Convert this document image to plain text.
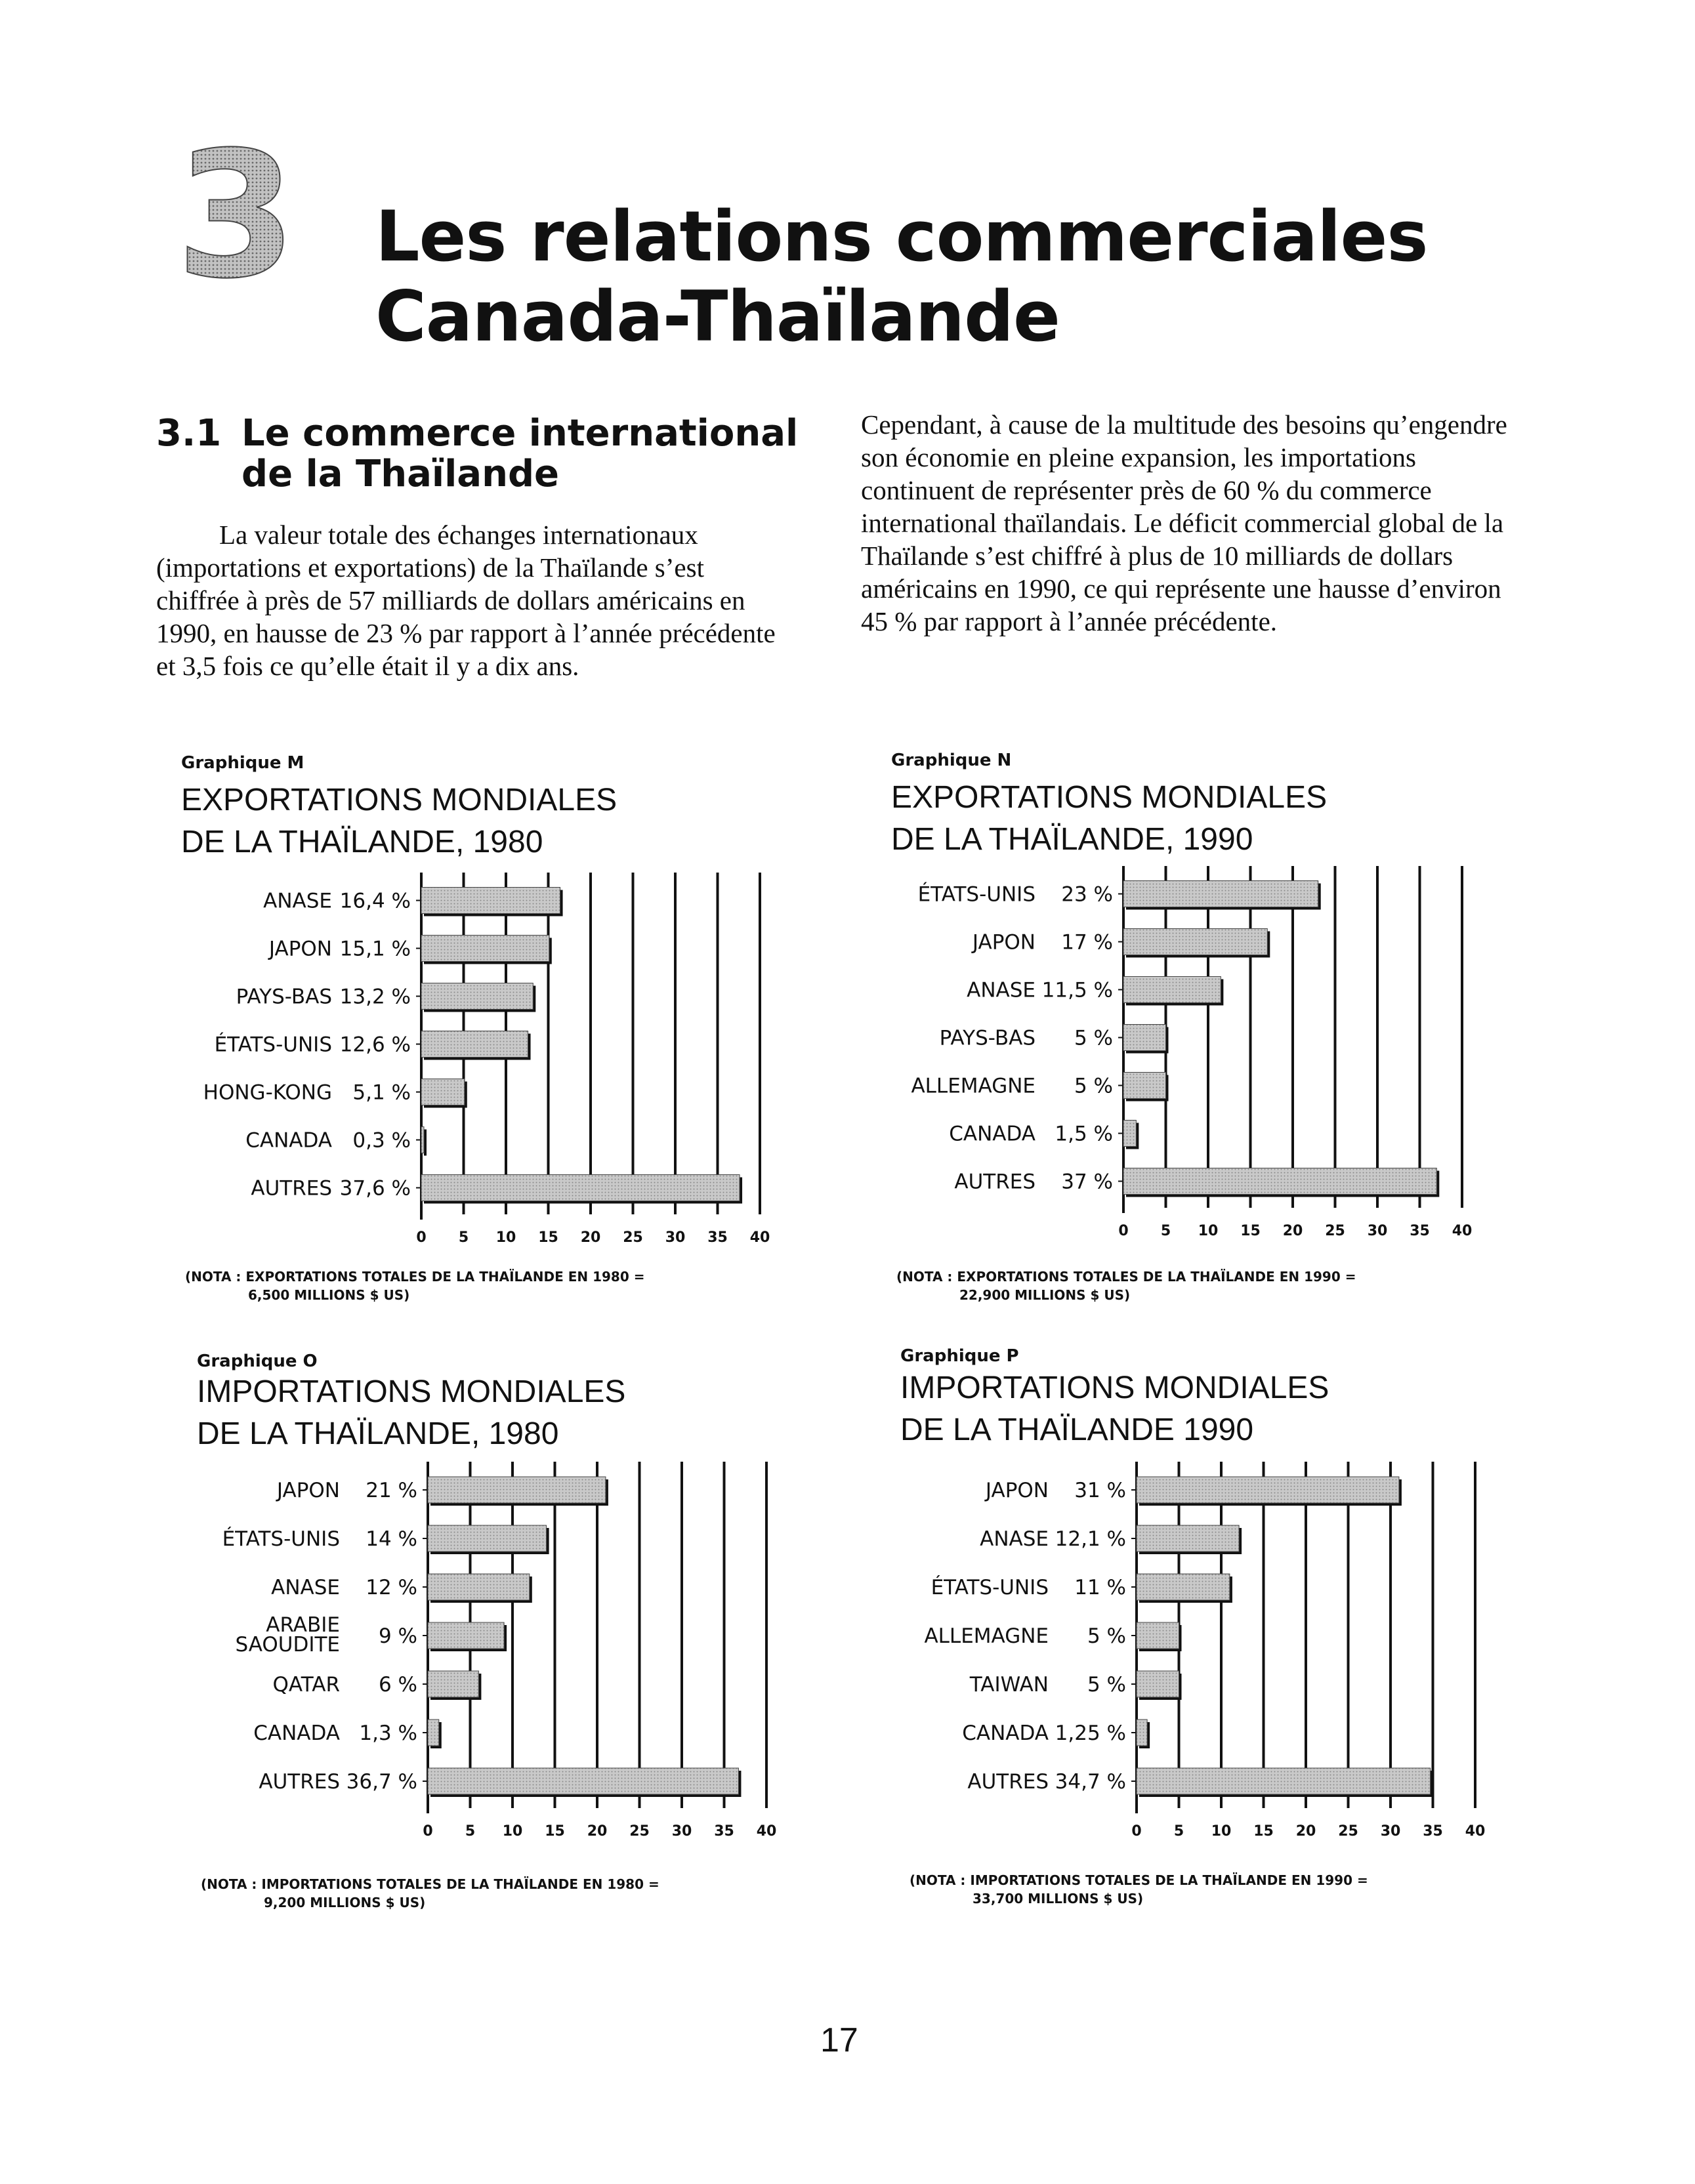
3 Les relations commerciales
Canada-Thaïlande
3.1 Le commerce international
de la Thaïlande
La valeur totale des échanges internationaux (importations et exportations) de la Thaïlande s’est chiffrée à près de 57 milliards de dollars américains en 1990, en hausse de 23 % par rapport à l’année précédente et 3,5 fois ce qu’elle était il y a dix ans.
Cependant, à cause de la multitude des besoins qu’engendre son économie en pleine expansion, les importations continuent de représenter près de 60 % du commerce international thaïlandais. Le déficit commercial global de la Thaïlande s’est chiffré à plus de 10 milliards de dollars américains en 1990, ce qui représente une hausse d’environ 45 % par rapport à l’année précédente.
Graphique M
EXPORTATIONS MONDIALES
DE LA THAÏLANDE, 1980
16,4 %
ANASE
15,1 %
JAPON
13,2 %
PAYS-BAS
12,6 %
ÉTATS-UNIS
5,1 %
HONG-KONG
0,3 %
CANADA
37,6 %
AUTRES
0 5 10 15 20 25 30 35 40
(NOTA : EXPORTATIONS TOTALES DE LA THAÏLANDE EN 1980 =
6,500 MILLIONS $ US)
Graphique N
EXPORTATIONS MONDIALES
DE LA THAÏLANDE, 1990
23 %
ÉTATS-UNIS
17 %
JAPON
11,5 %
ANASE
5 %
PAYS-BAS
5 %
ALLEMAGNE
1,5 %
CANADA
37 %
AUTRES
0 5 10 15 20 25 30 35 40
(NOTA : EXPORTATIONS TOTALES DE LA THAÏLANDE EN 1990 =
22,900 MILLIONS $ US)
Graphique O
IMPORTATIONS MONDIALES
DE LA THAÏLANDE, 1980
21 %
JAPON
14 %
ÉTATS-UNIS
12 %
ANASE
9 %
ARABIE
SAOUDITE
6 %
QATAR
1,3 %
CANADA
36,7 %
AUTRES
0 5 10 15 20 25 30 35 40
(NOTA : IMPORTATIONS TOTALES DE LA THAÏLANDE EN 1980 =
9,200 MILLIONS $ US)
Graphique P
IMPORTATIONS MONDIALES
DE LA THAÏLANDE 1990
31 %
JAPON
12,1 %
ANASE
11 %
ÉTATS-UNIS
5 %
ALLEMAGNE
5 %
TAIWAN
1,25 %
CANADA
34,7 %
AUTRES
0 5 10 15 20 25 30 35 40
(NOTA : IMPORTATIONS TOTALES DE LA THAÏLANDE EN 1990 =
33,700 MILLIONS $ US)
17
